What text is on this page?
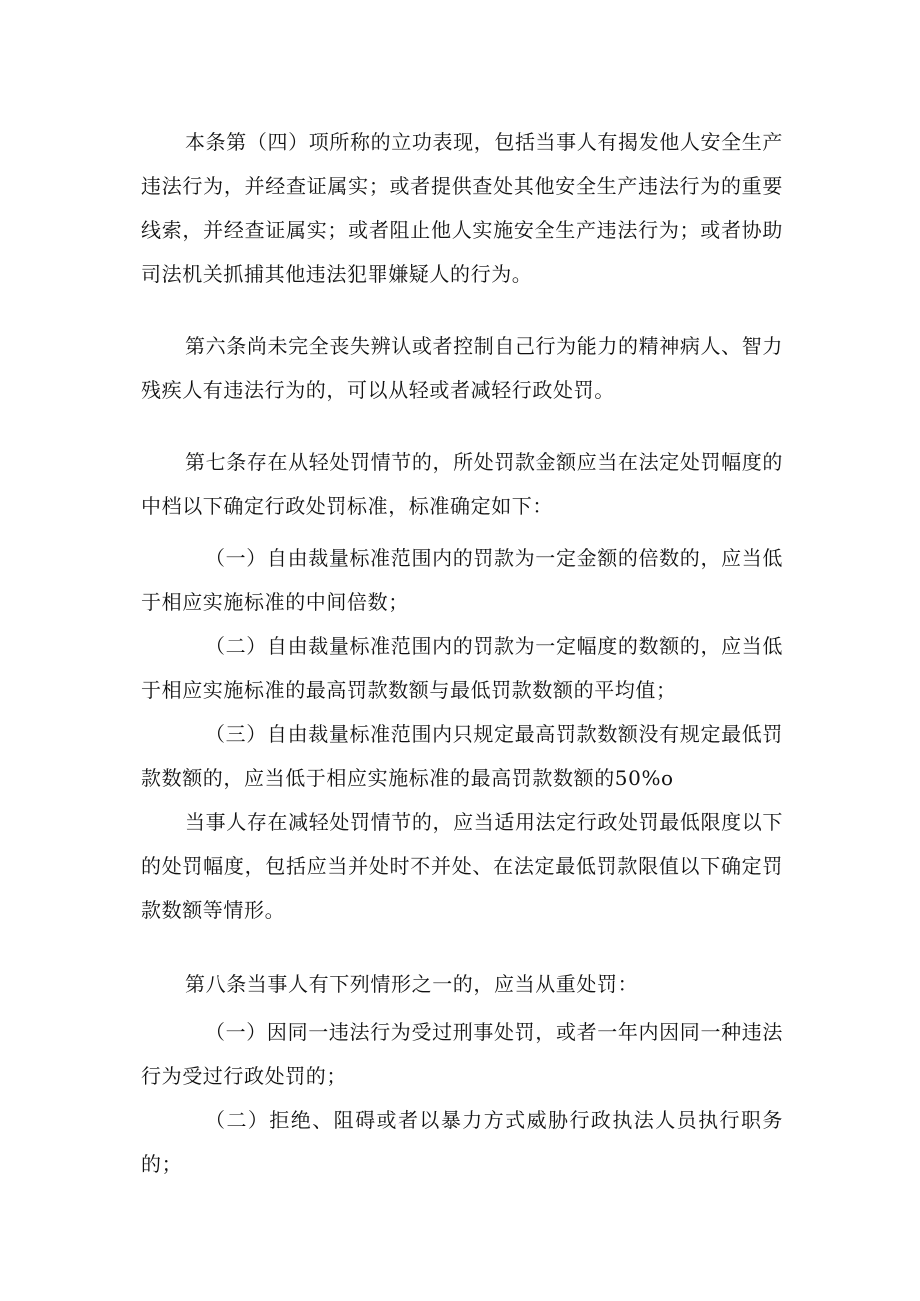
本条第（四）项所称的立功表现，包括当事人有揭发他人安全生产违法行为，并经查证属实；或者提供查处其他安全生产违法行为的重要线索，并经查证属实；或者阻止他人实施安全生产违法行为；或者协助司法机关抓捕其他违法犯罪嫌疑人的行为。

第六条尚未完全丧失辨认或者控制自己行为能力的精神病人、智力残疾人有违法行为的，可以从轻或者减轻行政处罚。

第七条存在从轻处罚情节的，所处罚款金额应当在法定处罚幅度的中档以下确定行政处罚标准，标准确定如下：

（一）自由裁量标准范围内的罚款为一定金额的倍数的，应当低于相应实施标准的中间倍数；

（二）自由裁量标准范围内的罚款为一定幅度的数额的，应当低于相应实施标准的最高罚款数额与最低罚款数额的平均值；

（三）自由裁量标准范围内只规定最高罚款数额没有规定最低罚款数额的，应当低于相应实施标准的最高罚款数额的50%o

当事人存在减轻处罚情节的，应当适用法定行政处罚最低限度以下的处罚幅度，包括应当并处时不并处、在法定最低罚款限值以下确定罚款数额等情形。

第八条当事人有下列情形之一的，应当从重处罚：

（一）因同一违法行为受过刑事处罚，或者一年内因同一种违法行为受过行政处罚的；

（二）拒绝、阻碍或者以暴力方式威胁行政执法人员执行职务的；
